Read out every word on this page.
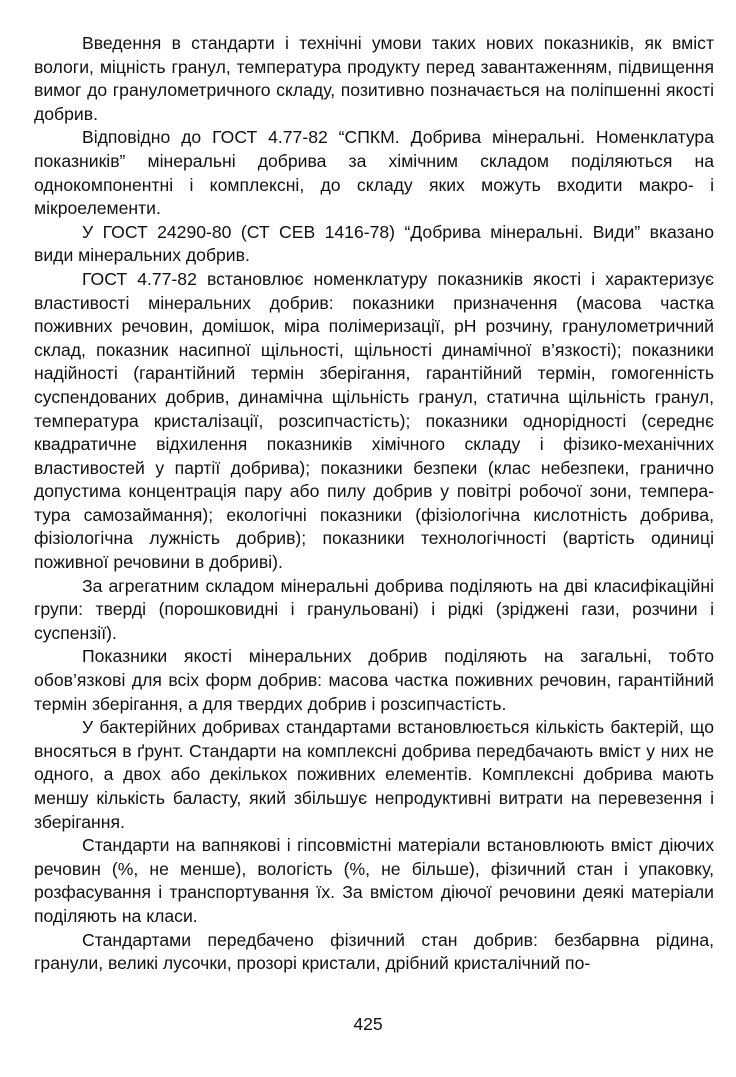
Введення в стандарти і технічні умови таких нових показників, як вміст вологи, міцність гранул, температура продукту перед завантаженням, підвищення вимог до гранулометричного складу, позитивно позначається на поліпшенні якості добрив.

Відповідно до ГОСТ 4.77-82 “СПКМ. Добрива мінеральні. Номенклатура показників” мінеральні добрива за хімічним складом поділяються на однокомпонентні і комплексні, до складу яких можуть входити макро- і мікроелементи.

У ГОСТ 24290-80 (СТ СЕВ 1416-78) “Добрива мінеральні. Види” вказано види мінеральних добрив.

ГОСТ 4.77-82 встановлює номенклатуру показників якості і характеризує властивості мінеральних добрив: показники призначення (масова частка поживних речовин, домішок, міра полімеризації, pH розчину, гранулометричний склад, показник насипної щільності, щільності динамічної в’язкості); показники надійності (гарантійний термін зберігання, гарантійний термін, гомогенність суспендованих добрив, динамічна щільність гранул, статична щільність гранул, температура кристалізації, розсипчастість); показники однорідності (середнє квадратичне відхилення показників хімічного складу і фізико-механічних властивостей у партії добрива); показники безпеки (клас небезпеки, гранично допустима концентрація пару або пилу добрив у повітрі робочої зони, температура самозаймання); екологічні показники (фізіологічна кислотність добрива, фізіологічна лужність добрив); показники технологічності (вартість одиниці поживної речовини в добриві).

За агрегатним складом мінеральні добрива поділяють на дві класифікаційні групи: тверді (порошковидні і гранульовані) і рідкі (зріджені гази, розчини і суспензії).

Показники якості мінеральних добрив поділяють на загальні, тобто обов’язкові для всіх форм добрив: масова частка поживних речовин, гарантійний термін зберігання, а для твердих добрив і розсипчастість.

У бактерійних добривах стандартами встановлюється кількість бактерій, що вносяться в ґрунт. Стандарти на комплексні добрива передбачають вміст у них не одного, а двох або декількох поживних елементів. Комплексні добрива мають меншу кількість баласту, який збільшує непродуктивні витрати на перевезення і зберігання.

Стандарти на вапнякові і гіпсовмістні матеріали встановлюють вміст діючих речовин (%, не менше), вологість (%, не більше), фізичний стан і упаковку, розфасування і транспортування їх. За вмістом діючої речовини деякі матеріали поділяють на класи.

Стандартами передбачено фізичний стан добрив: безбарвна рідина, гранули, великі лусочки, прозорі кристали, дрібний кристалічний по-

425
